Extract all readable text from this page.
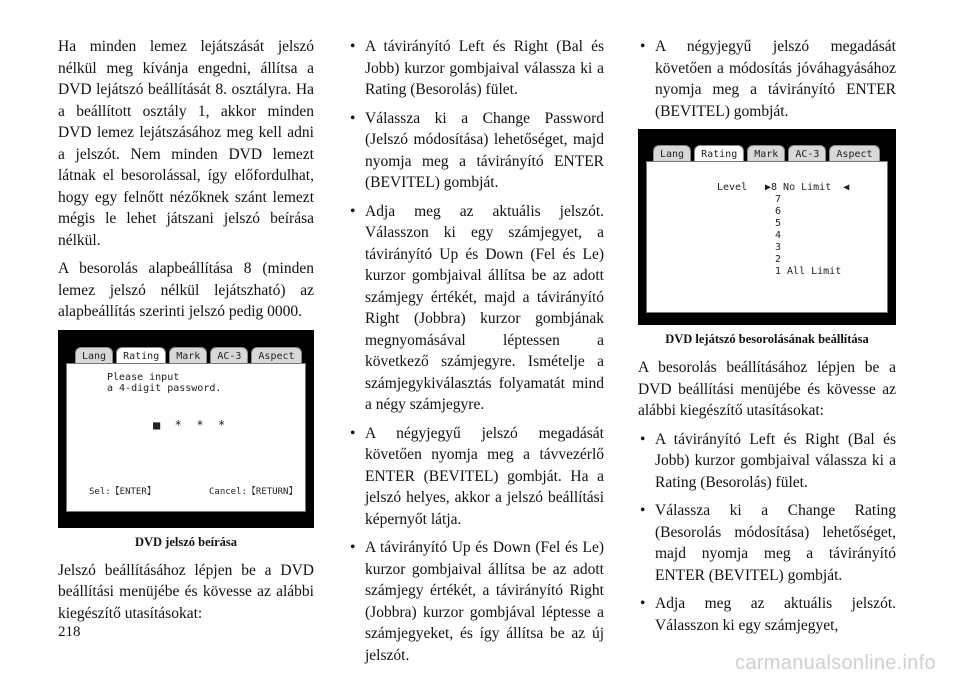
Ha minden lemez lejátszását jelszó nélkül meg kívánja engedni, állítsa a DVD lejátszó beállítását 8. osztályra. Ha a beállított osztály 1, akkor minden DVD lemez lejátszásához meg kell adni a jelszót. Nem minden DVD lemezt látnak el besorolással, így előfordulhat, hogy egy felnőtt nézőknek szánt lemezt mégis le lehet játszani jelszó beírása nélkül.

A besorolás alapbeállítása 8 (minden lemez jelszó nélkül lejátszható) az alapbeállítás szerinti jelszó pedig 0000.

Lang	Rating	Mark	AC-3	Aspect
Please input
a 4-digit password.
■  *  *  *
Sel:【ENTER】	Cancel:【RETURN】
DVD jelszó beírása

Jelszó beállításához lépjen be a DVD beállítási menüjébe és kövesse az alábbi kiegészítő utasításokat:

• A távirányító Left és Right (Bal és Jobb) kurzor gombjaival válassza ki a Rating (Besorolás) fület.
• Válassza ki a Change Password (Jelszó módosítása) lehetőséget, majd nyomja meg a távirányító ENTER (BEVITEL) gombját.
• Adja meg az aktuális jelszót. Válasszon ki egy számjegyet, a távirányító Up és Down (Fel és Le) kurzor gombjaival állítsa be az adott számjegy értékét, majd a távirányító Right (Jobbra) kurzor gombjának megnyomásával léptessen a következő számjegyre. Ismételje a számjegykiválasztás folyamatát mind a négy számjegyre.
• A négyjegyű jelszó megadását követően nyomja meg a távvezérlő ENTER (BEVITEL) gombját. Ha a jelszó helyes, akkor a jelszó beállítási képernyőt látja.
• A távirányító Up és Down (Fel és Le) kurzor gombjaival állítsa be az adott számjegy értékét, a távirányító Right (Jobbra) kurzor gombjával léptesse a számjegyeket, és így állítsa be az új jelszót.
• A négyjegyű jelszó megadását követően a módosítás jóváhagyásához nyomja meg a távirányító ENTER (BEVITEL) gombját.
Lang	Rating	Mark	AC-3	Aspect
Level ▶8 No Limit  ◀
7
6
5
4
3
2
1 All Limit
DVD lejátszó besorolásának beállítása

A besorolás beállításához lépjen be a DVD beállítási menüjébe és kövesse az alábbi kiegészítő utasításokat:

• A távirányító Left és Right (Bal és Jobb) kurzor gombjaival válassza ki a Rating (Besorolás) fület.
• Válassza ki a Change Rating (Besorolás módosítása) lehetőséget, majd nyomja meg a távirányító ENTER (BEVITEL) gombját.
• Adja meg az aktuális jelszót. Válasszon ki egy számjegyet,
218
carmanualsonline.info
